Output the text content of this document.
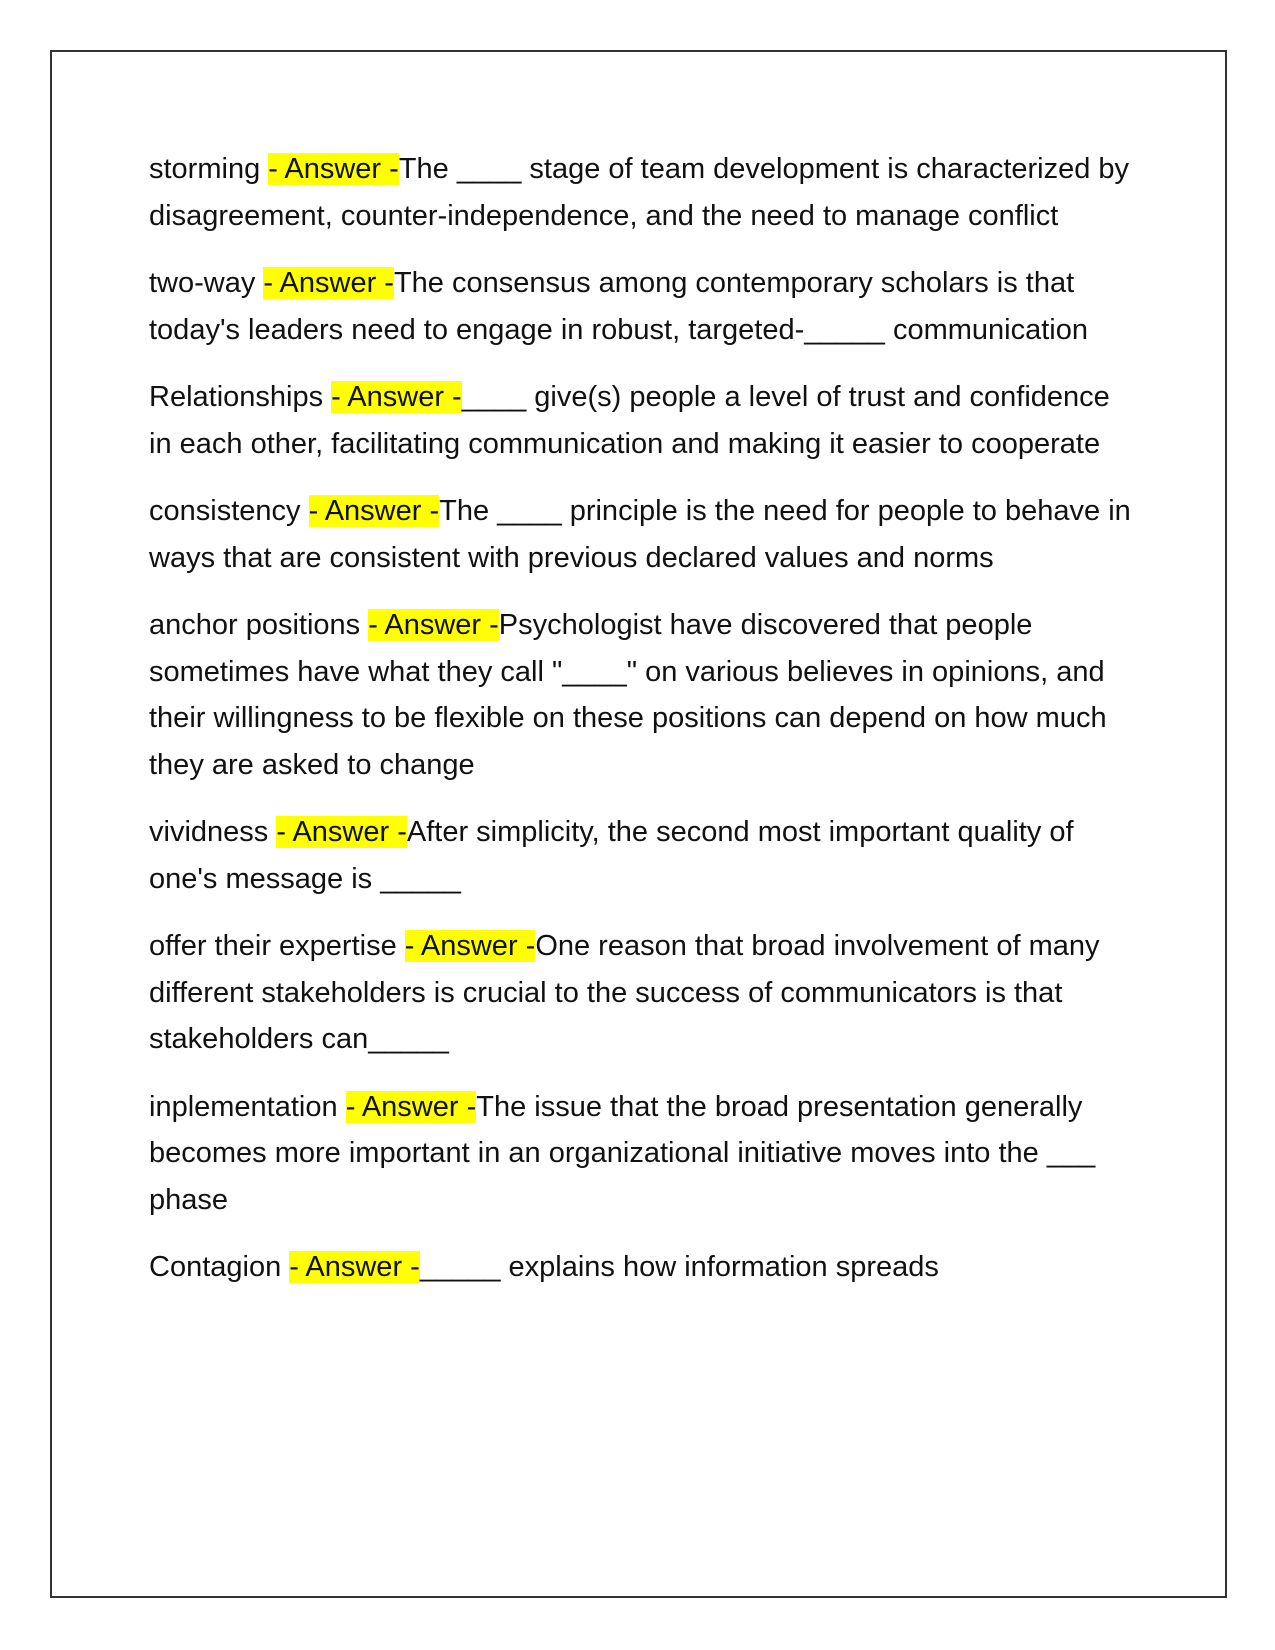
storming - Answer -The ____ stage of team development is characterized by disagreement, counter-independence, and the need to manage conflict

two-way - Answer -The consensus among contemporary scholars is that today's leaders need to engage in robust, targeted-_____ communication

Relationships - Answer -____ give(s) people a level of trust and confidence in each other, facilitating communication and making it easier to cooperate

consistency - Answer -The ____ principle is the need for people to behave in ways that are consistent with previous declared values and norms

anchor positions - Answer -Psychologist have discovered that people sometimes have what they call "____" on various believes in opinions, and their willingness to be flexible on these positions can depend on how much they are asked to change

vividness - Answer -After simplicity, the second most important quality of one's message is _____

offer their expertise - Answer -One reason that broad involvement of many different stakeholders is crucial to the success of communicators is that stakeholders can_____

inplementation - Answer -The issue that the broad presentation generally becomes more important in an organizational initiative moves into the ___ phase

Contagion - Answer -_____ explains how information spreads
